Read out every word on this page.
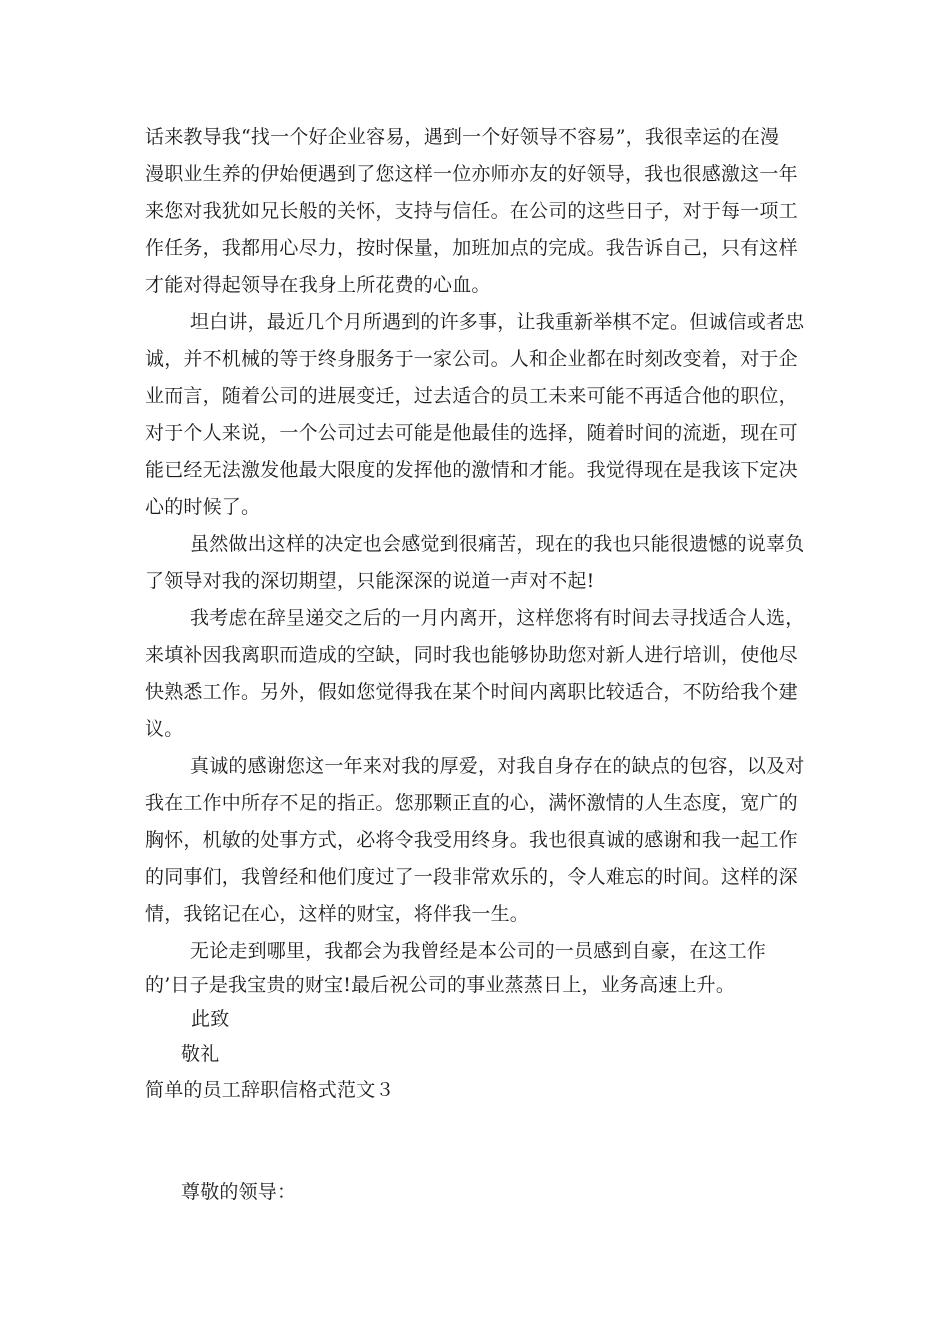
话来教导我“找一个好企业容易，遇到一个好领导不容易”，我很幸运的在漫
漫职业生养的伊始便遇到了您这样一位亦师亦友的好领导，我也很感激这一年
来您对我犹如兄长般的关怀，支持与信任。在公司的这些日子，对于每一项工
作任务，我都用心尽力，按时保量，加班加点的完成。我告诉自己，只有这样
才能对得起领导在我身上所花费的心血。
坦白讲，最近几个月所遇到的许多事，让我重新举棋不定。但诚信或者忠
诚，并不机械的等于终身服务于一家公司。人和企业都在时刻改变着，对于企
业而言，随着公司的进展变迁，过去适合的员工未来可能不再适合他的职位，
对于个人来说，一个公司过去可能是他最佳的选择，随着时间的流逝，现在可
能已经无法激发他最大限度的发挥他的激情和才能。我觉得现在是我该下定决
心的时候了。
虽然做出这样的决定也会感觉到很痛苦，现在的我也只能很遗憾的说辜负
了领导对我的深切期望，只能深深的说道一声对不起!
我考虑在辞呈递交之后的一月内离开，这样您将有时间去寻找适合人选，
来填补因我离职而造成的空缺，同时我也能够协助您对新人进行培训，使他尽
快熟悉工作。另外，假如您觉得我在某个时间内离职比较适合，不防给我个建
议。
真诚的感谢您这一年来对我的厚爱，对我自身存在的缺点的包容，以及对
我在工作中所存不足的指正。您那颗正直的心，满怀激情的人生态度，宽广的
胸怀，机敏的处事方式，必将令我受用终身。我也很真诚的感谢和我一起工作
的同事们，我曾经和他们度过了一段非常欢乐的，令人难忘的时间。这样的深
情，我铭记在心，这样的财宝，将伴我一生。
无论走到哪里，我都会为我曾经是本公司的一员感到自豪，在这工作
的’日子是我宝贵的财宝!最后祝公司的事业蒸蒸日上，业务高速上升。
此致
敬礼
简单的员工辞职信格式范文３
尊敬的领导：
